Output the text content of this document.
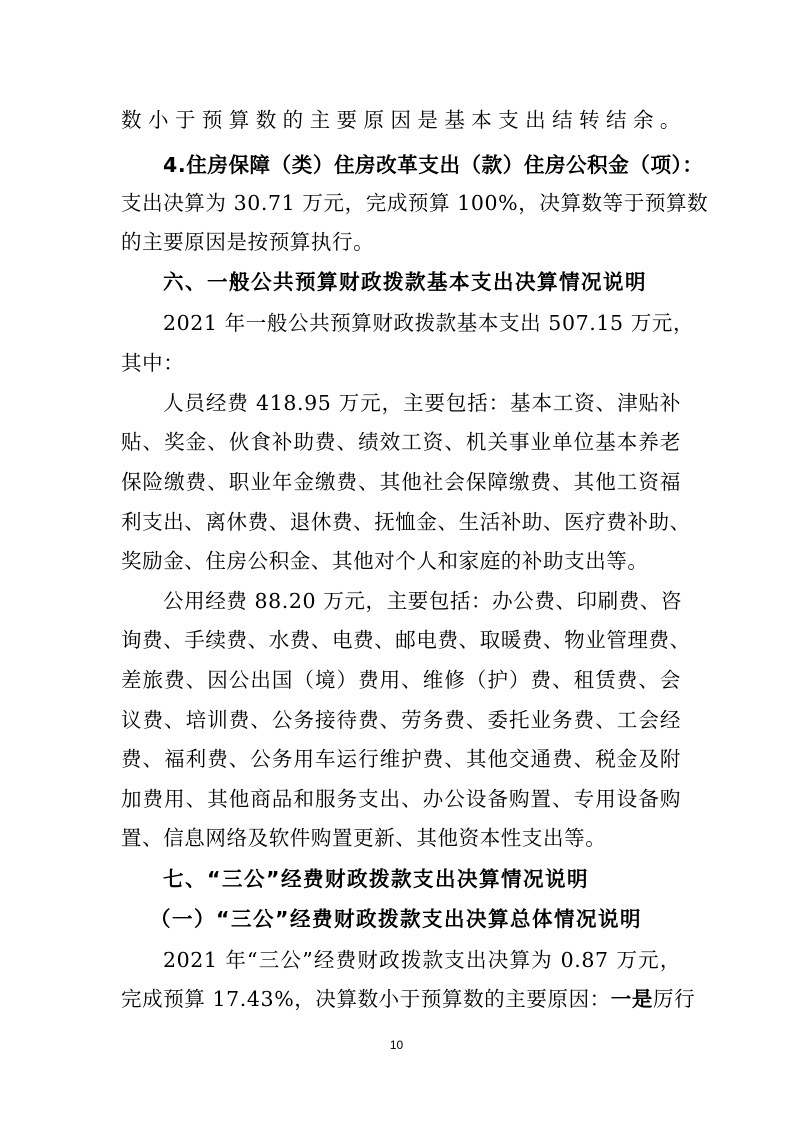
数小于预算数的主要原因是基本支出结转结余。
4.住房保障（类）住房改革支出（款）住房公积金（项）：
支出决算为 30.71 万元，完成预算 100%，决算数等于预算数
的主要原因是按预算执行。
六、一般公共预算财政拨款基本支出决算情况说明
2021 年一般公共预算财政拨款基本支出 507.15 万元，
其中：
人员经费 418.95 万元，主要包括：基本工资、津贴补
贴、奖金、伙食补助费、绩效工资、机关事业单位基本养老
保险缴费、职业年金缴费、其他社会保障缴费、其他工资福
利支出、离休费、退休费、抚恤金、生活补助、医疗费补助、
奖励金、住房公积金、其他对个人和家庭的补助支出等。
公用经费 88.20 万元，主要包括：办公费、印刷费、咨
询费、手续费、水费、电费、邮电费、取暖费、物业管理费、
差旅费、因公出国（境）费用、维修（护）费、租赁费、会
议费、培训费、公务接待费、劳务费、委托业务费、工会经
费、福利费、公务用车运行维护费、其他交通费、税金及附
加费用、其他商品和服务支出、办公设备购置、专用设备购
置、信息网络及软件购置更新、其他资本性支出等。
七、“三公”经费财政拨款支出决算情况说明
（一）“三公”经费财政拨款支出决算总体情况说明
2021 年“三公”经费财政拨款支出决算为 0.87 万元，
完成预算 17.43%，决算数小于预算数的主要原因：一是厉行
10
